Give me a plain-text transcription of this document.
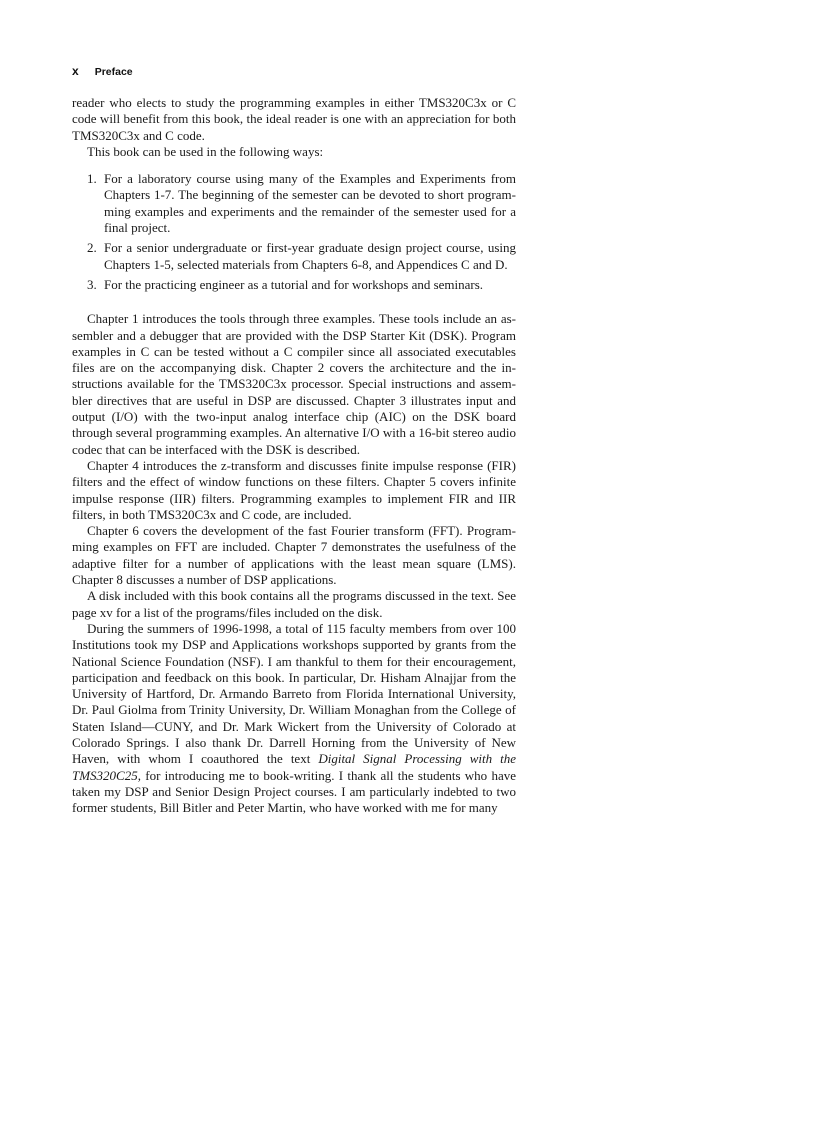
x Preface

reader who elects to study the programming examples in either TMS320C3x or C code will benefit from this book, the ideal reader is one with an appreciation for both TMS320C3x and C code.

This book can be used in the following ways:

1. For a laboratory course using many of the Examples and Experiments from Chapters 1-7. The beginning of the semester can be devoted to short programming examples and experiments and the remainder of the semester used for a final project.
2. For a senior undergraduate or first-year graduate design project course, using Chapters 1-5, selected materials from Chapters 6-8, and Appendices C and D.
3. For the practicing engineer as a tutorial and for workshops and seminars.

Chapter 1 introduces the tools through three examples. These tools include an assembler and a debugger that are provided with the DSP Starter Kit (DSK). Program examples in C can be tested without a C compiler since all associated executables files are on the accompanying disk. Chapter 2 covers the architecture and the instructions available for the TMS320C3x processor. Special instructions and assembler directives that are useful in DSP are discussed. Chapter 3 illustrates input and output (I/O) with the two-input analog interface chip (AIC) on the DSK board through several programming examples. An alternative I/O with a 16-bit stereo audio codec that can be interfaced with the DSK is described.

Chapter 4 introduces the z-transform and discusses finite impulse response (FIR) filters and the effect of window functions on these filters. Chapter 5 covers infinite impulse response (IIR) filters. Programming examples to implement FIR and IIR filters, in both TMS320C3x and C code, are included.

Chapter 6 covers the development of the fast Fourier transform (FFT). Programming examples on FFT are included. Chapter 7 demonstrates the usefulness of the adaptive filter for a number of applications with the least mean square (LMS). Chapter 8 discusses a number of DSP applications.

A disk included with this book contains all the programs discussed in the text. See page xv for a list of the programs/files included on the disk.

During the summers of 1996-1998, a total of 115 faculty members from over 100 Institutions took my DSP and Applications workshops supported by grants from the National Science Foundation (NSF). I am thankful to them for their encouragement, participation and feedback on this book. In particular, Dr. Hisham Alnajjar from the University of Hartford, Dr. Armando Barreto from Florida International University, Dr. Paul Giolma from Trinity University, Dr. William Monaghan from the College of Staten Island—CUNY, and Dr. Mark Wickert from the University of Colorado at Colorado Springs. I also thank Dr. Darrell Horning from the University of New Haven, with whom I coauthored the text Digital Signal Processing with the TMS320C25, for introducing me to book-writing. I thank all the students who have taken my DSP and Senior Design Project courses. I am particularly indebted to two former students, Bill Bitler and Peter Martin, who have worked with me for many
